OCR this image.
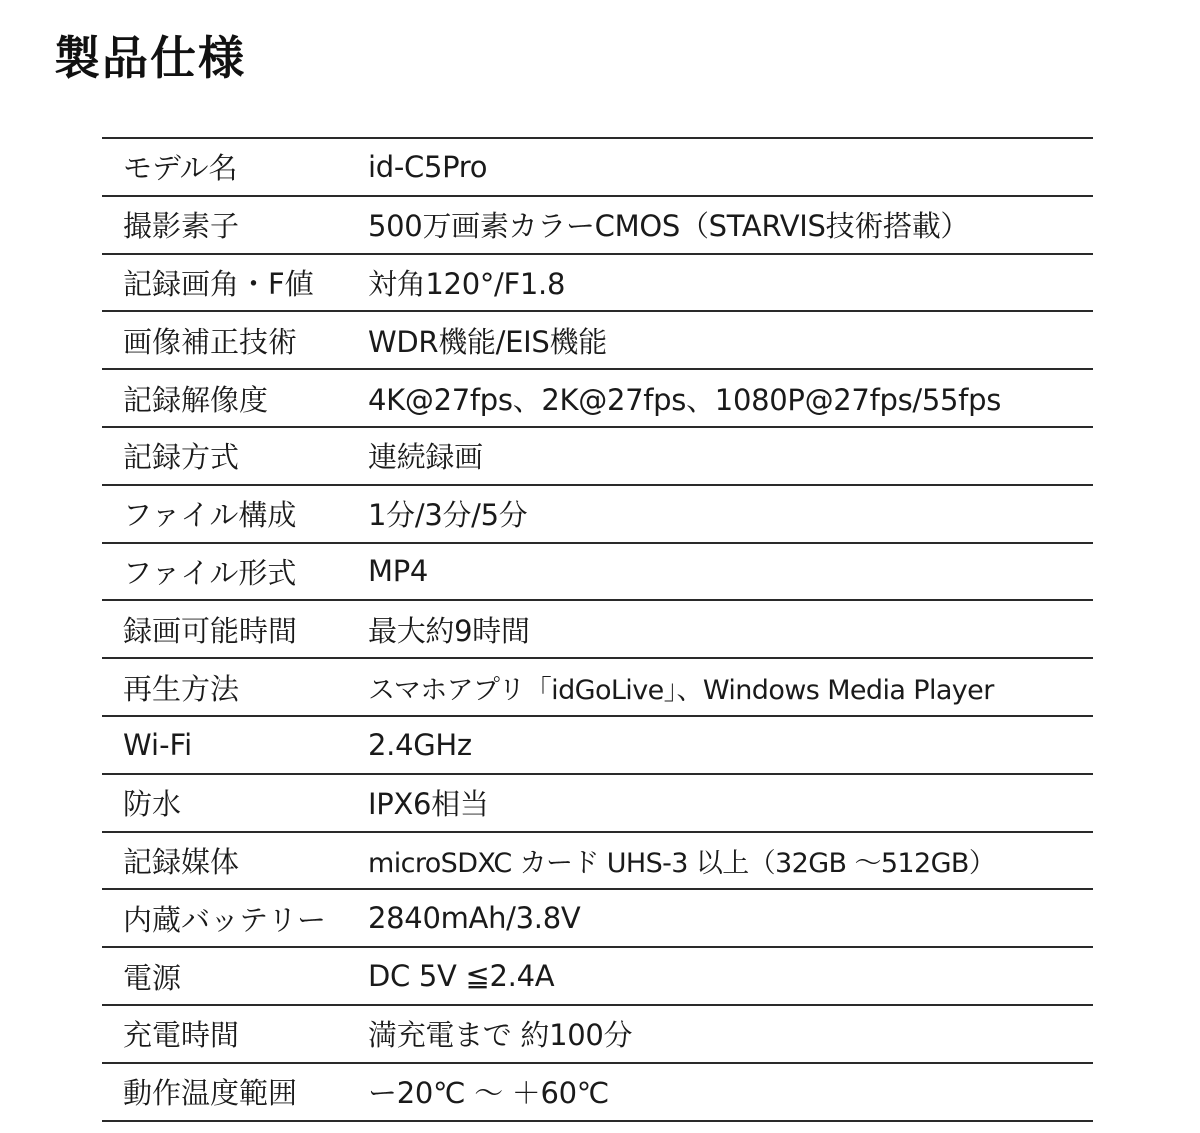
製品仕様
モデル名	id-C5Pro
撮影素子	500万画素カラーCMOS（STARVIS技術搭載）
記録画角・F値	対角120°/F1.8
画像補正技術	WDR機能/EIS機能
記録解像度	4K@27fps、2K@27fps、1080P@27fps/55fps
記録方式	連続録画
ファイル構成	1分/3分/5分
ファイル形式	MP4
録画可能時間	最大約9時間
再生方法	スマホアプリ「idGoLive」、Windows Media Player
Wi-Fi	2.4GHz
防水	IPX6相当
記録媒体	microSDXC カード UHS-3 以上（32GB ～512GB）
内蔵バッテリー	2840mAh/3.8V
電源	DC 5V ≦2.4A
充電時間	満充電まで 約100分
動作温度範囲	ー20℃ ～ ＋60℃
